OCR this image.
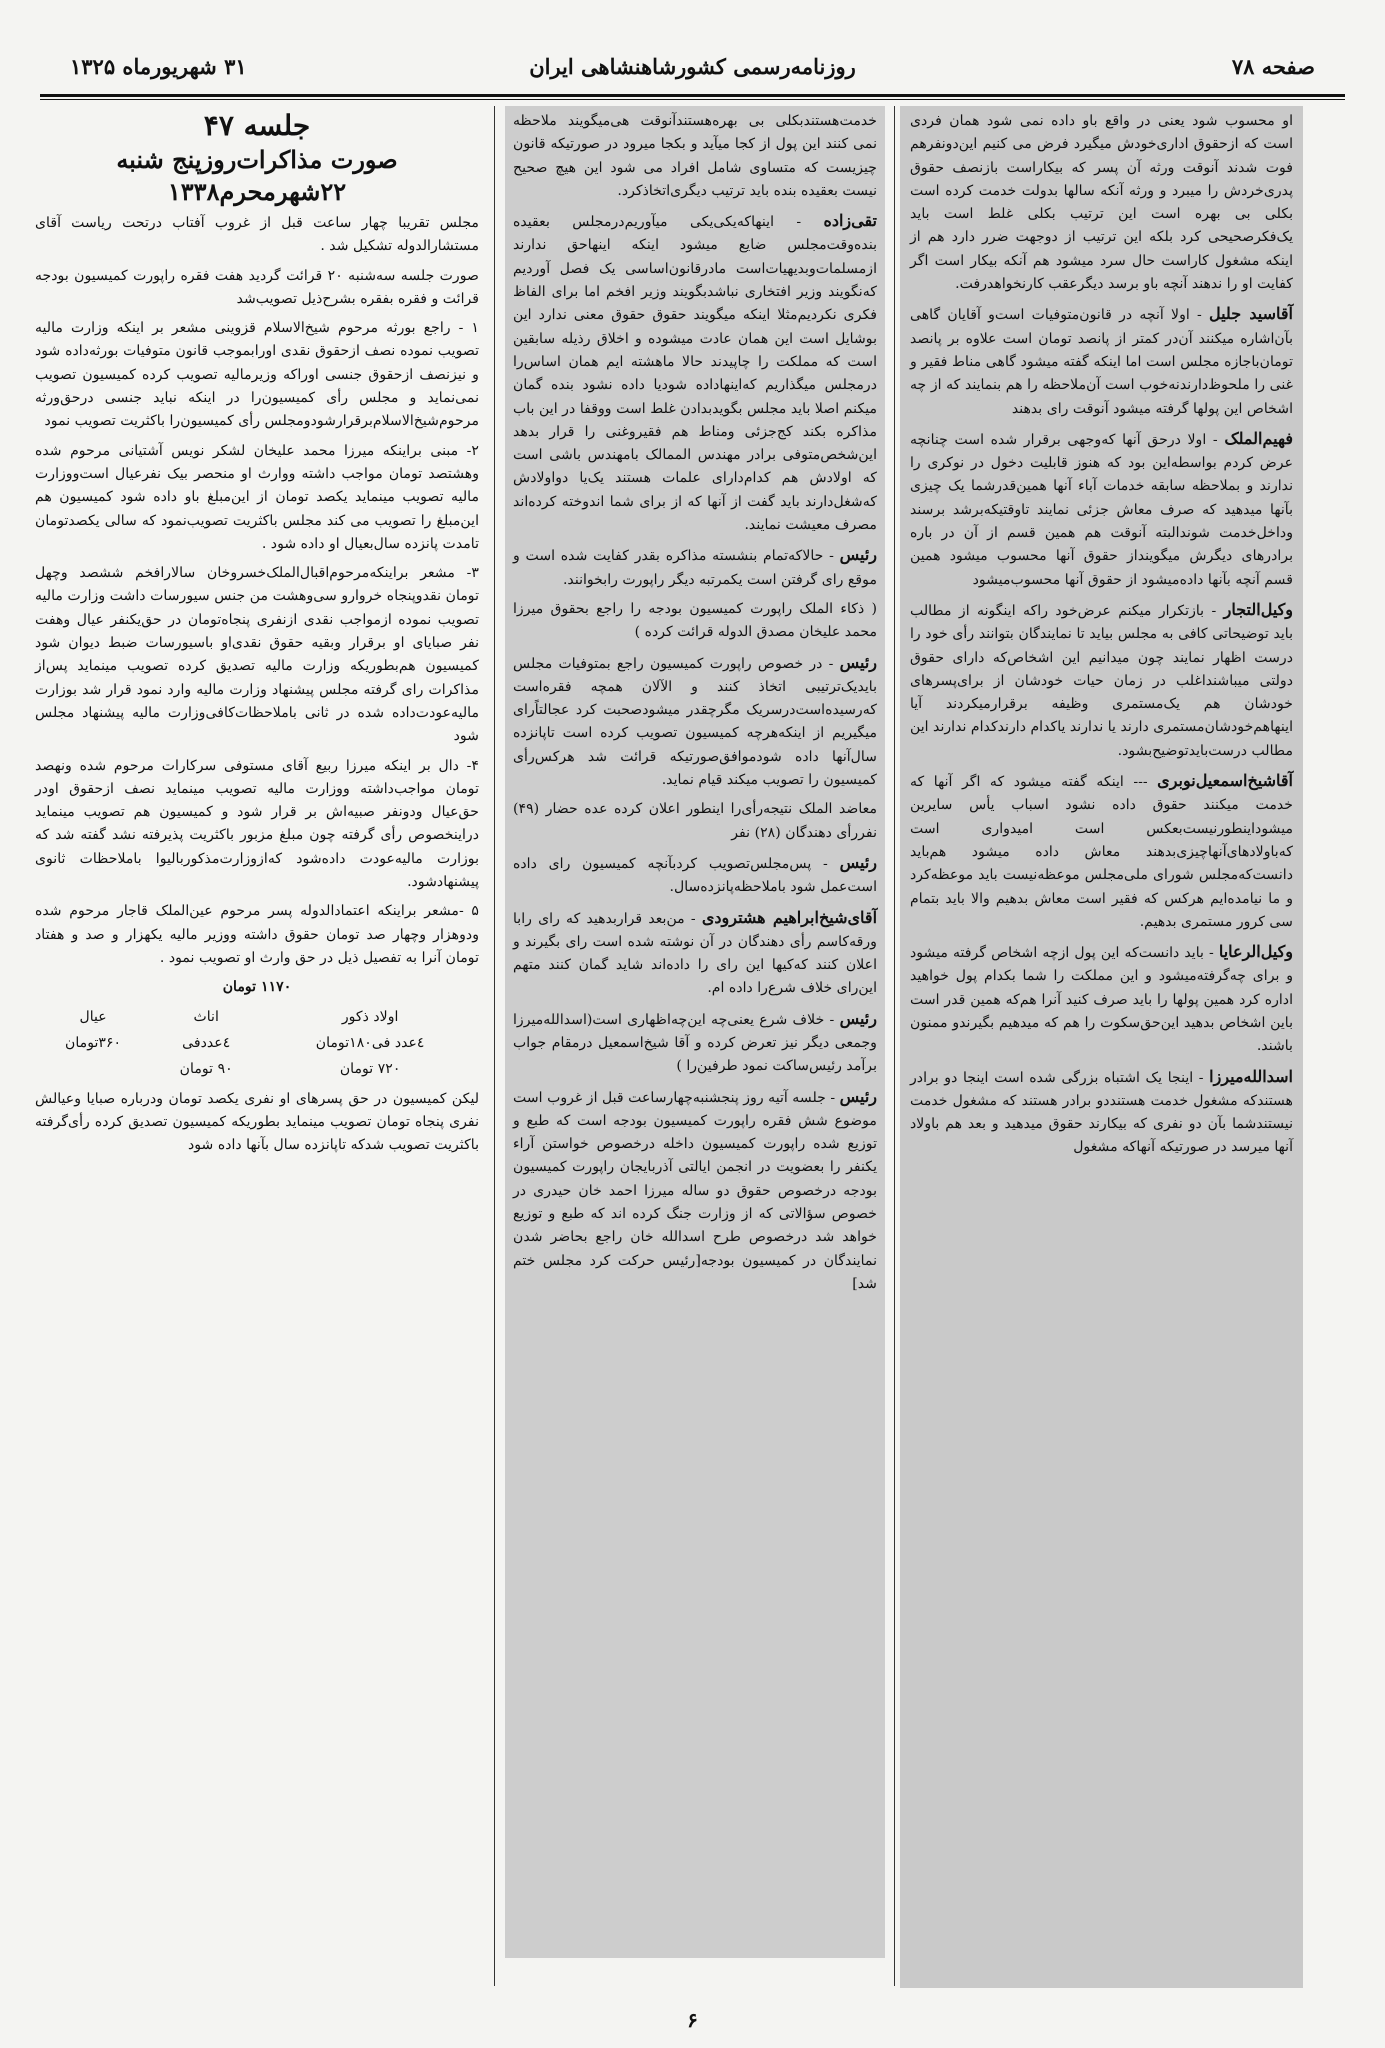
صفحه ۷۸
روزنامه‌رسمی کشورشاهنشاهی ایران
۳۱ شهریورماه ۱۳۲۵

او محسوب شود یعنی در واقع باو داده نمی شود همان فردی است که ازحقوق اداری‌خودش میگیرد فرض می کنیم این‌دونفرهم فوت شدند آنوقت ورثه آن پسر که بیکاراست بازنصف حقوق پدری‌خردش را میبرد و ورثه آنکه سالها بدولت خدمت کرده است بکلی بی بهره است این ترتیب بکلی غلط است باید یک‌فکرصحیحی کرد بلکه این ترتیب از دوجهت ضرر دارد هم از اینکه مشغول کاراست حال سرد میشود هم آنکه بیکار است اگر کفایت او را ندهند آنچه باو برسد دیگرعقب کارنخواهدرفت.

آقاسید جلیل - اولا آنچه در قانون‌متوفیات است‌و آقایان گاهی بآن‌اشاره میکنند آن‌در کمتر از پانصد تومان است علاوه بر پانصد تومان‌باجازه مجلس است اما اینکه گفته میشود گاهی مناط فقیر و غنی را ملحوظ‌دارند‌نه‌خوب است آن‌ملاحظه را هم بنمایند که از چه اشخاص این پولها گرفته میشود آنوقت رای بدهند

فهیم‌الملک - اولا درحق آنها که‌وجهی برقرار شده است چنانچه عرض کردم بواسطه‌این بود که هنوز قابلیت دخول در نوکری را ندارند و بملاحظه سابقه خدمات آباء آنها همین‌قدرشما یک چیزی بآنها میدهید که صرف معاش جزئی نمایند تاوقتیکه‌برشد برسند وداخل‌خدمت شوند‌البته آنوقت هم همین قسم از آن در باره برادرهای دیگرش میگویند‌از حقوق آنها محسوب میشود همین قسم آنچه بآنها داده‌میشود از حقوق آنها محسوب‌میشود

وکیل‌التجار - بازتکرار میکنم عرض‌خود راکه اینگونه از مطالب باید توضیحاتی کافی به مجلس بیاید تا نمایندگان بتوانند رأی خود را درست اظهار نمایند چون میدانیم این اشخاص‌که دارای حقوق دولتی میباشند‌اغلب در زمان حیات خودشان از برای‌پسرهای خودشان هم یک‌مستمری وظیفه برقرارمیکردند آیا اینهاهم‌خودشان‌مستمری دارند یا ندارند یاکدام دارند‌کدام ندارند این مطالب درست‌باید‌توضیح‌بشود.

آقاشیخ‌اسمعیل‌نوبری --- اینکه گفته میشود که اگر آنها که خدمت میکنند حقوق داده نشود اسباب یأس سایرین میشود‌اینطورنیست‌بعکس است امیدواری است که‌باولادهای‌آنها‌چیزی‌بدهند معاش داده میشود هم‌باید دانست‌که‌مجلس شورای ملی‌مجلس موعظه‌نیست باید موعظه‌کرد و ما نیامده‌ایم هرکس که فقیر است معاش بدهیم والا باید بتمام سی کرور مستمری بدهیم.

وکیل‌الرعایا - باید دانست‌که این پول ازچه اشخاص گرفته میشود و برای چه‌گرفته‌میشود و این مملکت را شما بکدام پول خواهید اداره کرد همین پولها را باید صرف کنید آنرا هم‌که همین قدر است باین اشخاص بدهید این‌حق‌سکوت را هم که میدهیم بگیر‌ندو ممنون باشند.

اسدالله‌میرزا - اینجا یک اشتباه بزرگی شده است اینجا دو برادر هستند‌که مشغول خدمت هستند‌دو برادر هستند که مشغول خدمت نیستند‌شما بآن دو نفری که بیکارند حقوق میدهید و بعد هم باولاد آنها میرسد در صورتیکه آنهاکه مشغول

خدمت‌هستند‌بکلی بی بهره‌هستند‌آنوقت هی‌میگویند ملاحظه نمی کنند این پول از کجا میآید و بکجا میرود در صورتیکه قانون چیزیست که متساوی شامل افراد می شود این هیچ صحیح نیست بعقیده بنده باید ترتیب دیگری‌اتخاذ‌کرد.

تقی‌زاده - اینهاکه‌یکی‌یکی میآوریم‌درمجلس بعقیده بنده‌وقت‌مجلس ضایع میشود اینکه اینهاحق ندارند ازمسلمات‌وبدیهیات‌است مادرقانون‌اساسی یک فصل آوردیم که‌نگویند وزیر افتخاری نباشد‌بگویند وزیر افخم اما برای الفاظ فکری نکردیم‌مثلا اینکه میگویند حقوق حقوق معنی ندارد این بوشایل است این همان عادت میشوده و اخلاق رذیله سابقین است که مملکت را چاپیدند حالا ماهشته ایم همان اساس‌را درمجلس میگذاریم که‌اینهاداده شود‌یا داده نشود بنده گمان میکنم اصلا باید مجلس بگوید‌بدادن غلط است ووقفا در این باب مذاکره بکند کج‌جزئی ومناط هم فقیروغنی را قرار بدهد این‌شخص‌متوفی برادر مهندس الممالک بامهندس باشی است که اولادش هم کدام‌دارای علمات هستند یک‌یا دواولادش که‌شغل‌دارند باید گفت از آنها که از برای شما اندوخته کرده‌اند مصرف معیشت نمایند.

رئیس - حالاکه‌تمام بنشسته مذاکره بقدر کفایت شده است و موقع رای گرفتن است یکمرتبه دیگر راپورت رابخوانند.

( ذکاء الملک راپورت کمیسیون بودجه را راجع بحقوق میرزا محمد علیخان مصدق الدوله قرائت کرده )

رئیس - در خصوص راپورت کمیسیون راجع بمتوفیات مجلس بایدیک‌ترتیبی اتخاذ کنند و الآلان همچه فقره‌است که‌رسیده‌است‌درسریک مگرچقدر میشود‌صحبت کرد عجالتاًرای میگیریم از اینکه‌هرچه کمیسیون تصویب کرده است تاپانزده سال‌آنها داده شود‌موافق‌صورتیکه قرائت شد هرکس‌رأی کمیسیون را تصویب میکند قیام نماید.

معاضد الملک نتیجه‌رأی‌را اینطور اعلان کرده عده حضار (۴۹) نفر‌رأی دهندگان (۲۸) نفر

رئیس - پس‌مجلس‌تصویب کرد‌بآنچه کمیسیون رای داده است‌عمل شود باملاحظه‌پانزده‌سال.

آقای‌شیخ‌ابراهیم هشترودی - من‌بعد قرار‌بدهید که رای را‌با ورقه‌کاسم رأی دهندگان در آن نوشته شده است رای بگیرند و اعلان کنند که‌کیها این رای را داده‌اند شاید گمان کنند متهم این‌رای خلاف شرع‌را داده ام.

رئیس - خلاف شرع یعنی‌چه این‌چه‌اظهاری است(اسدالله‌میرزا وجمعی دیگر نیز تعرض کرده و آقا شیخ‌اسمعیل درمقام جواب برآمد رئیس‌ساکت نمود طرفین‌را )

رئیس - جلسه آتیه روز پنجشنبه‌چهار‌ساعت قبل از غروب است موضوع شش فقره راپورت کمیسیون بودجه است که طبع و توزیع شده راپورت کمیسیون داخله درخصوص خواستن آراء یکنفر را بعضویت در انجمن ایالتی آذربایجان راپورت کمیسیون بودجه درخصوص حقوق دو ساله میرزا احمد خان حیدری در خصوص سؤالاتی که از وزارت جنگ کرده اند که طبع و توزیع خواهد شد درخصوص طرح اسدالله خان راجع بحاضر شدن نمایندگان در کمیسیون بودجه[رئیس حرکت کرد مجلس ختم شد]

جلسه ۴۷
صورت مذاکرات‌روزپنج شنبه
۲۲شهرمحرم۱۳۳۸

مجلس تقریبا چهار ساعت قبل از غروب آفتاب درتحت ریاست آقای مستشارالدوله تشکیل شد .

صورت جلسه سه‌شنبه ۲۰ قرائت گردید هفت فقره راپورت کمیسیون بودجه قرائت و فقره بفقره بشرح‌ذیل تصویب‌شد

۱ - راجع بورثه مرحوم شیخ‌الاسلام قزوینی مشعر بر اینکه وزارت مالیه تصویب نموده نصف ازحقوق نقدی اورابموجب قانون متوفیات بورثه‌داده شود و نیزنصف ازحقوق جنسی اوراکه وزیرمالیه تصویب کرده کمیسیون تصویب نمی‌نماید و مجلس رأی کمیسیون‌را در اینکه نباید جنسی درحق‌ورثه مرحوم‌شیخ‌الاسلام‌برقرار‌شود‌ومجلس رأی کمیسیون‌را باکثریت تصویب نمود

۲- مبنی براینکه میرزا محمد علیخان لشکر نویس آشتیانی مرحوم شده وهشتصد تومان مواجب داشته ووارث او منحصر بیک نفرعیال است‌ووزارت مالیه تصویب مینماید یکصد تومان از این‌مبلغ باو داده شود کمیسیون هم این‌مبلغ را تصویب می کند مجلس باکثریت تصویب‌نمود که سالی یکصد‌تومان تامدت پانزده سال‌بعیال او داده شود .

۳- مشعر براینکه‌مرحوم‌اقبال‌الملک‌خسروخان سالارافخم ششصد وچهل تومان نقدوپنجاه خروار‌و سی‌وهشت من جنس سیورسات داشت وزارت مالیه تصویب نموده ازمواجب نقدی ازنفری پنجاه‌تومان در حق‌یکنفر عیال وهفت نفر صبایای او برقرار وبقیه حقوق نقدی‌او باسیورسات ضبط دیوان شود کمیسیون هم‌بطوریکه وزارت مالیه تصدیق کرده تصویب مینماید پس‌از مذاکرات رای گرفته مجلس پیشنهاد وزارت مالیه وارد نمود قرار شد بوزارت مالیه‌عودت‌داده شده در ثانی باملاحظات‌کافی‌وزارت مالیه پیشنهاد مجلس شود

۴- دال بر اینکه میرزا ربیع آقای مستوفی سرکارات مرحوم شده ونهصد تومان مواجب‌داشته ووزارت مالیه تصویب مینماید نصف ازحقوق اودر حق‌عیال ودونفر صبیه‌اش بر قرار شود و کمیسیون هم تصویب مینماید دراینخصوص رأی گرفته چون مبلغ مزبور باکثریت پذیرفته نشد گفته شد که بوزارت مالیه‌عودت داده‌شود که‌ازوزارت‌مذکور‌بالیوا باملاحظات ثانوی پیشنهادشود.

۵ -مشعر براینکه اعتمادالدوله پسر مرحوم عین‌الملک قاجار مرحوم شده ودوهزار وچهار صد تومان حقوق داشته ووزیر مالیه یکهزار و صد و هفتاد تومان آنرا به تفصیل ذیل در حق وارث او تصویب نمود .

۱۱۷۰ تومان
اولاد ذکور	اناث	عیال
٤عدد فی۱۸۰تومان	٤عددفی	۳۶۰تومان
۷۲۰ تومان	۹۰ تومان	

لیکن کمیسیون در حق پسرهای او نفری یکصد تومان ودرباره صبایا وعیالش نفری پنجاه تومان تصویب مینماید بطوریکه کمیسیون تصدیق کرده رأی‌گرفته باکثریت تصویب شدکه تاپانزده سال بآنها داده شود

۶
